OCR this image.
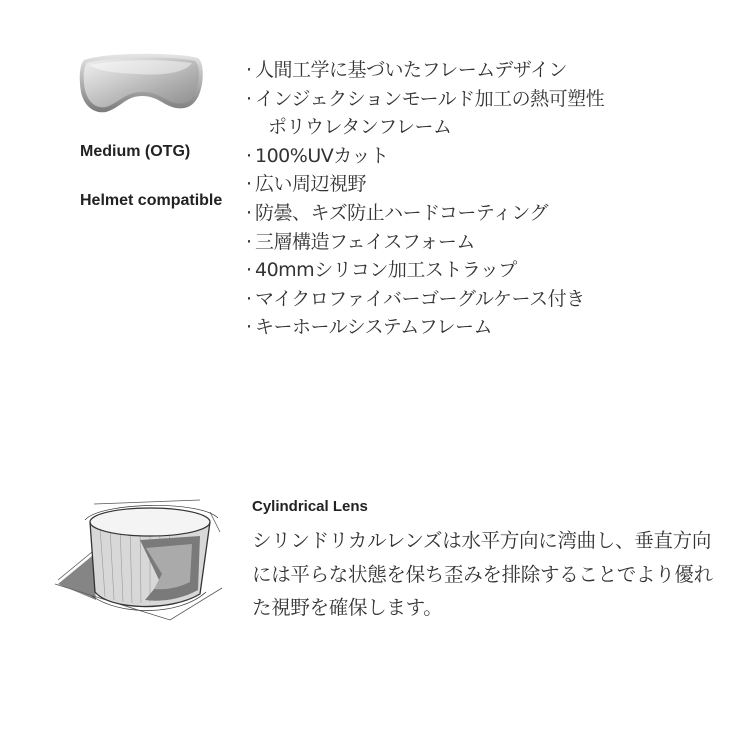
Medium (OTG)
Helmet compatible
· 人間工学に基づいたフレームデザイン
· インジェクションモールド加工の熱可塑性
ポリウレタンフレーム
· 100%UVカット
· 広い周辺視野
· 防曇、キズ防止ハードコーティング
· 三層構造フェイスフォーム
· 40mmシリコン加工ストラップ
· マイクロファイバーゴーグルケース付き
· キーホールシステムフレーム
Cylindrical Lens
シリンドリカルレンズは水平方向に湾曲し、垂直方向には平らな状態を保ち歪みを排除することでより優れた視野を確保します。
